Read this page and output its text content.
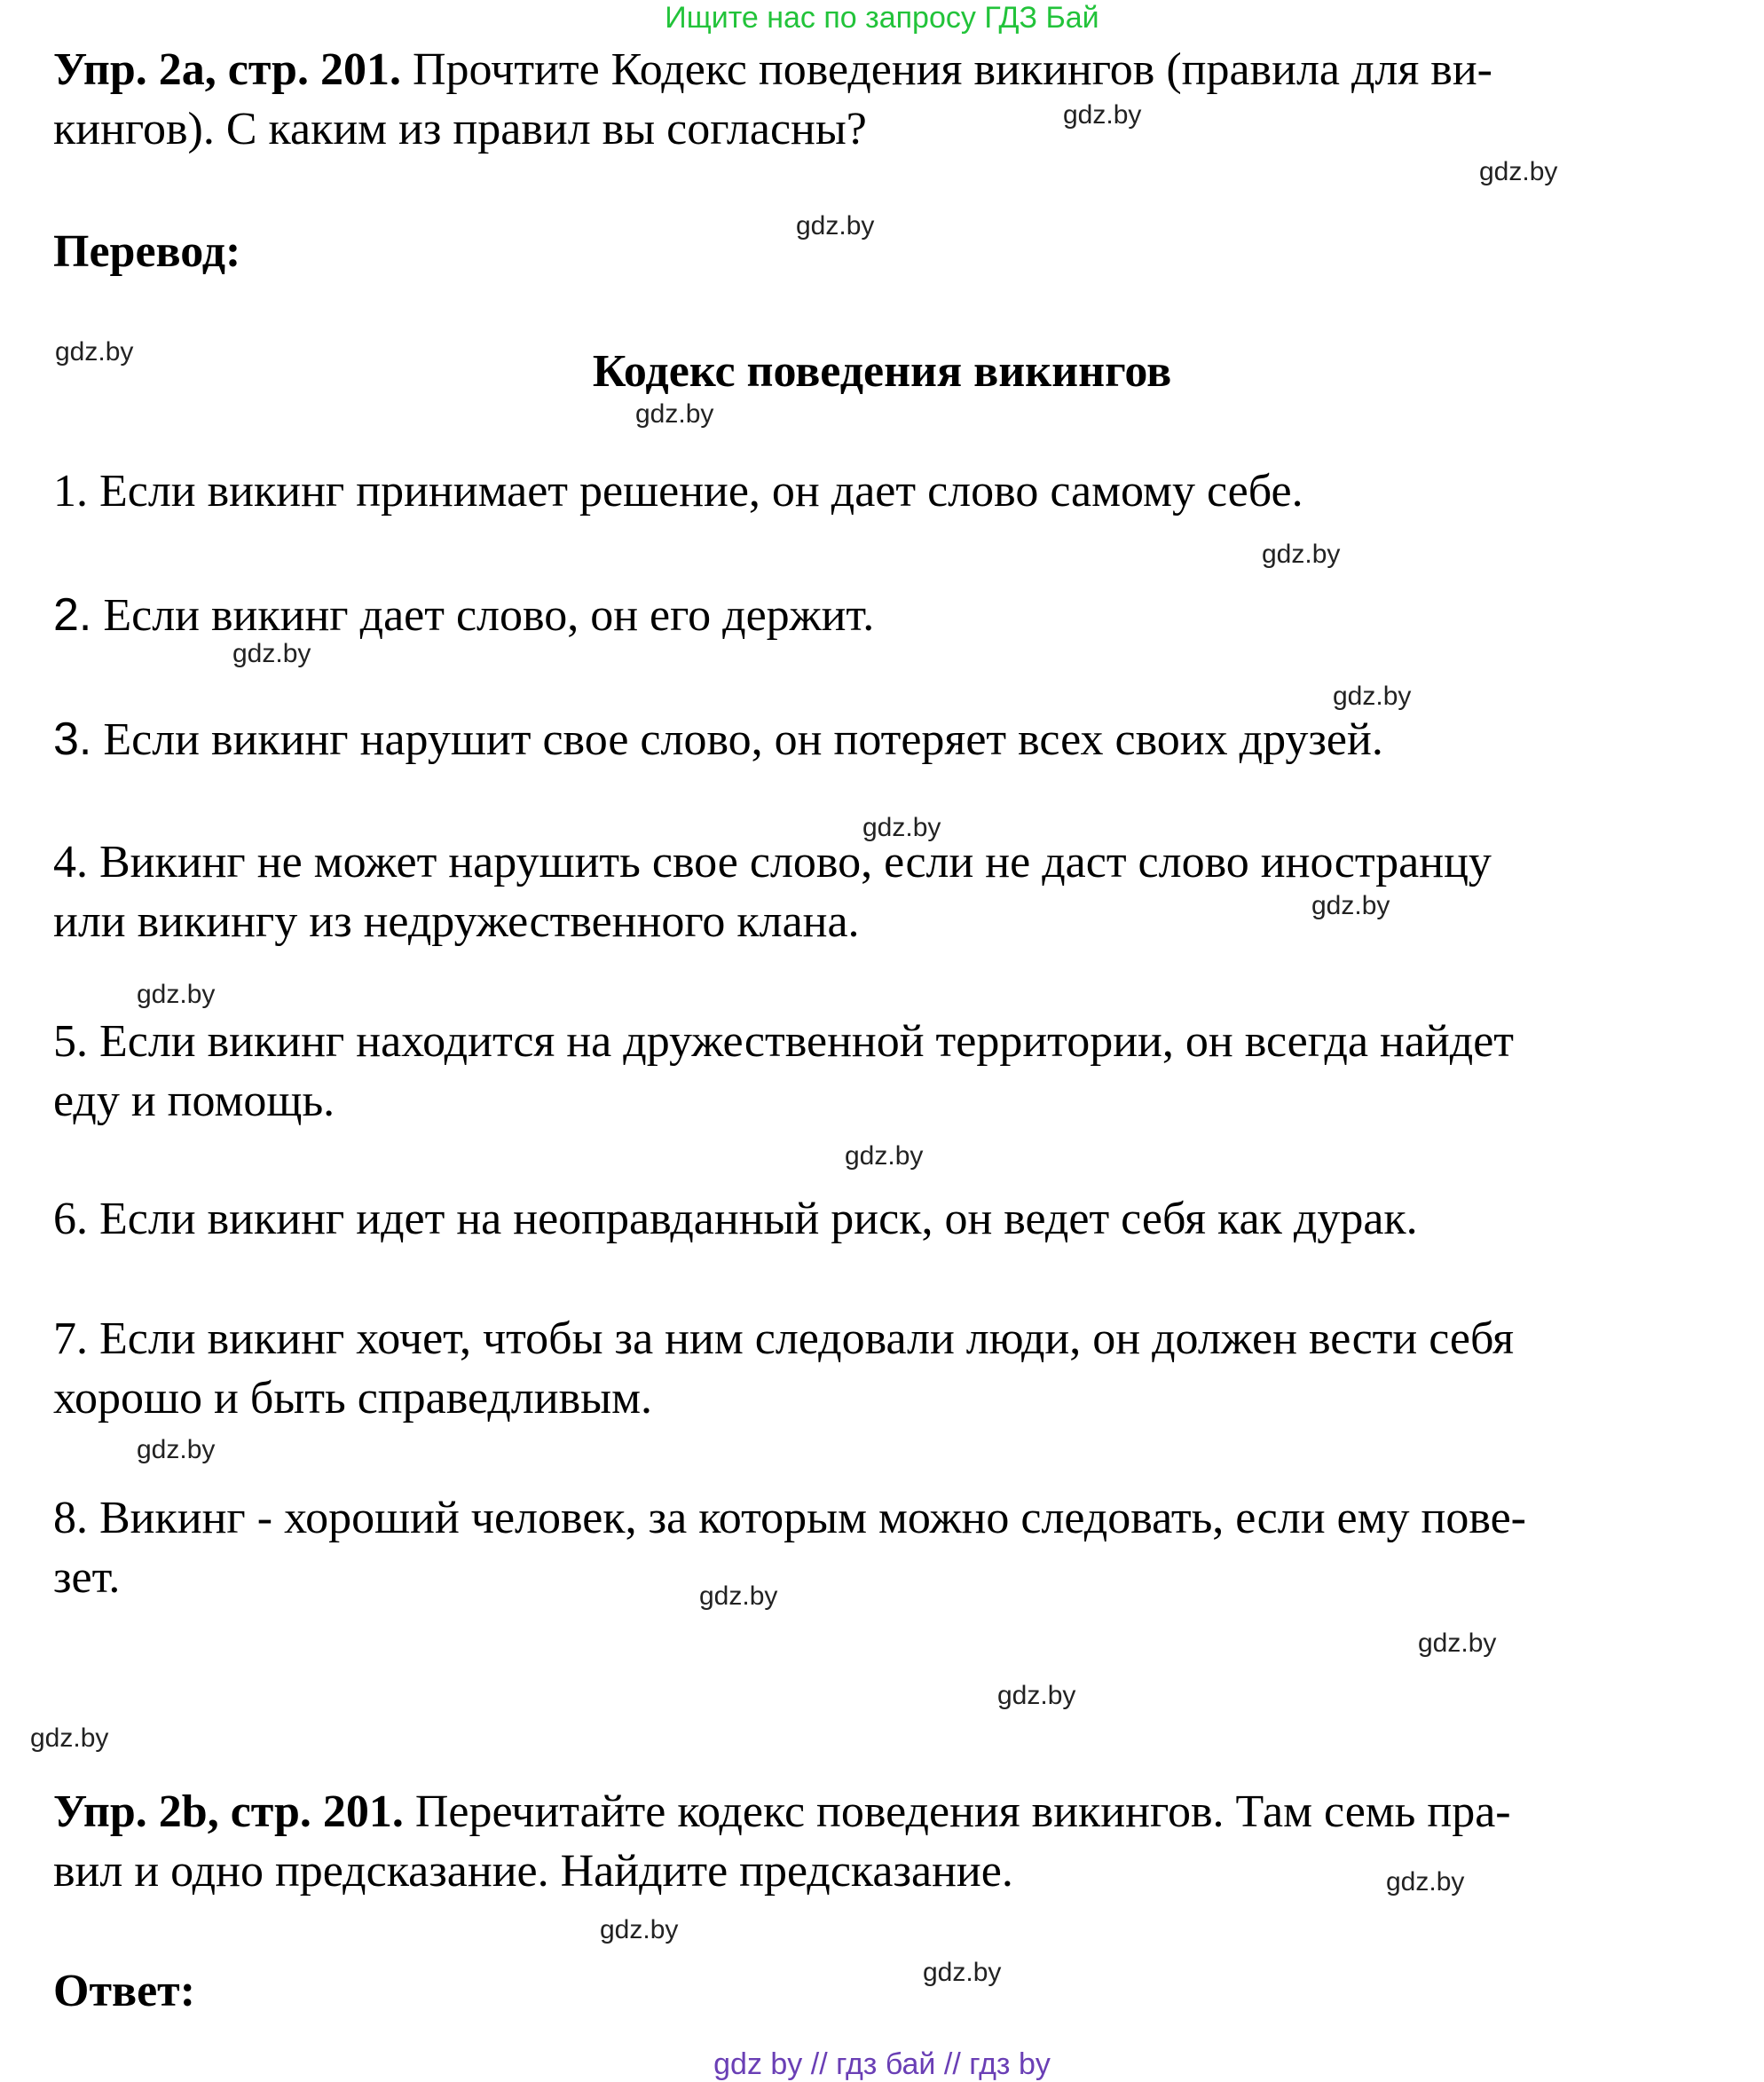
Ищите нас по запросу ГДЗ Бай
Упр. 2a, стр. 201. Прочтите Кодекс поведения викингов (правила для ви-
кингов). С каким из правил вы согласны?
Перевод:
Кодекс поведения викингов
1. Если викинг принимает решение, он дает слово самому себе.
2. Если викинг дает слово, он его держит.
3. Если викинг нарушит свое слово, он потеряет всех своих друзей.
4. Викинг не может нарушить свое слово, если не даст слово иностранцу
или викингу из недружественного клана.
5. Если викинг находится на дружественной территории, он всегда найдет
еду и помощь.
6. Если викинг идет на неоправданный риск, он ведет себя как дурак.
7. Если викинг хочет, чтобы за ним следовали люди, он должен вести себя
хорошо и быть справедливым.
8. Викинг - хороший человек, за которым можно следовать, если ему пове-
зет.
Упр. 2b, стр. 201. Перечитайте кодекс поведения викингов. Там семь пра-
вил и одно предсказание. Найдите предсказание.
Ответ:
gdz.by
gdz.by
gdz.by
gdz.by
gdz.by
gdz.by
gdz.by
gdz.by
gdz.by
gdz.by
gdz.by
gdz.by
gdz.by
gdz.by
gdz.by
gdz.by
gdz.by
gdz.by
gdz.by
gdz.by
gdz by // гдз бай // гдз by
